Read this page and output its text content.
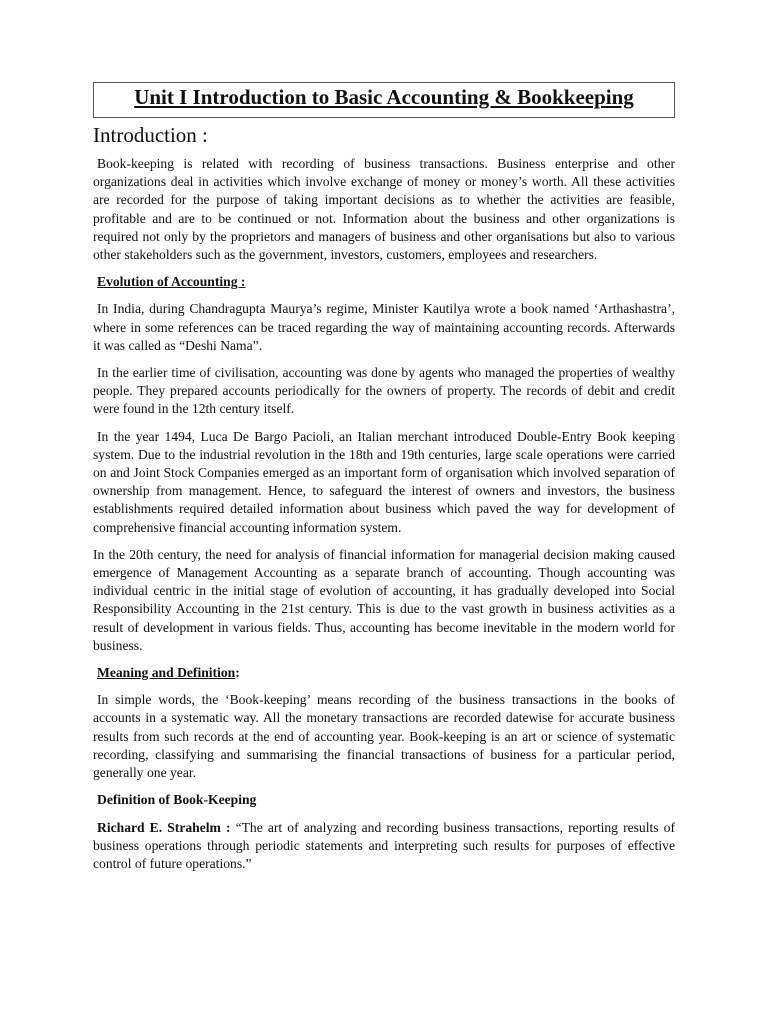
Unit I Introduction to Basic Accounting & Bookkeeping
Introduction :

Book-keeping is related with recording of business transactions. Business enterprise and other organizations deal in activities which involve exchange of money or money’s worth. All these activities are recorded for the purpose of taking important decisions as to whether the activities are feasible, profitable and are to be continued or not. Information about the business and other organizations is required not only by the proprietors and managers of business and other organisations but also to various other stakeholders such as the government, investors, customers, employees and researchers.

Evolution of Accounting :

In India, during Chandragupta Maurya’s regime, Minister Kautilya wrote a book named ‘Arthashastra’, where in some references can be traced regarding the way of maintaining accounting records. Afterwards it was called as “Deshi Nama”.

In the earlier time of civilisation, accounting was done by agents who managed the properties of wealthy people. They prepared accounts periodically for the owners of property. The records of debit and credit were found in the 12th century itself.

In the year 1494, Luca De Bargo Pacioli, an Italian merchant introduced Double-Entry Book keeping system. Due to the industrial revolution in the 18th and 19th centuries, large scale operations were carried on and Joint Stock Companies emerged as an important form of organisation which involved separation of ownership from management. Hence, to safeguard the interest of owners and investors, the business establishments required detailed information about business which paved the way for development of comprehensive financial accounting information system.

In the 20th century, the need for analysis of financial information for managerial decision making caused emergence of Management Accounting as a separate branch of accounting. Though accounting was individual centric in the initial stage of evolution of accounting, it has gradually developed into Social Responsibility Accounting in the 21st century. This is due to the vast growth in business activities as a result of development in various fields. Thus, accounting has become inevitable in the modern world for business.

Meaning and Definition:

In simple words, the ‘Book-keeping’ means recording of the business transactions in the books of accounts in a systematic way. All the monetary transactions are recorded datewise for accurate business results from such records at the end of accounting year. Book-keeping is an art or science of systematic recording, classifying and summarising the financial transactions of business for a particular period, generally one year.

Definition of Book-Keeping

Richard E. Strahelm : “The art of analyzing and recording business transactions, reporting results of business operations through periodic statements and interpreting such results for purposes of effective control of future operations.”
